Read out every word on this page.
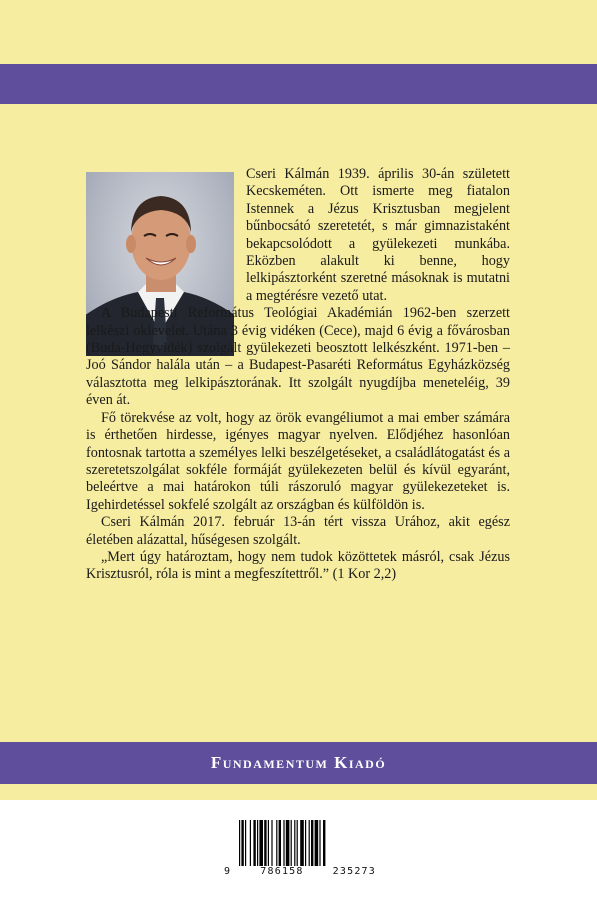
Cseri Kálmán 1939. április 30-án született Kecskeméten. Ott ismerte meg fiatalon Istennek a Jézus Krisztusban megjelent bűnbocsátó szeretetét, s már gimnazistaként bekapcsolódott a gyülekezeti munkába. Eközben alakult ki benne, hogy lelkipásztorként szeretné másoknak is mutatni a megtérésre vezető utat.

A Budapesti Református Teológiai Akadémián 1962-ben szerzett lelkészi oklevelet. Utána 3 évig vidéken (Cece), majd 6 évig a fővárosban (Buda-Hegyvidék) szolgált gyülekezeti beosztott lelkészként. 1971-ben – Joó Sándor halála után – a Budapest-Pasaréti Református Egyházközség választotta meg lelkipásztorának. Itt szolgált nyugdíjba meneteléig, 39 éven át.

Fő törekvése az volt, hogy az örök evangéliumot a mai ember számára is érthetően hirdesse, igényes magyar nyelven. Elődjéhez hasonlóan fontosnak tartotta a személyes lelki beszélgetéseket, a családlátogatást és a szeretetszolgálat sokféle formáját gyülekezeten belül és kívül egyaránt, beleértve a mai határokon túli rászoruló magyar gyülekezeteket is. Igehirdetéssel sokfelé szolgált az országban és külföldön is.

Cseri Kálmán 2017. február 13-án tért vissza Urához, akit egész életében alázattal, hűségesen szolgált.

„Mert úgy határoztam, hogy nem tudok közöttetek másról, csak Jézus Krisztusról, róla is mint a megfeszítettről.” (1 Kor 2,2)

Fundamentum Kiadó
9	786158	235273
